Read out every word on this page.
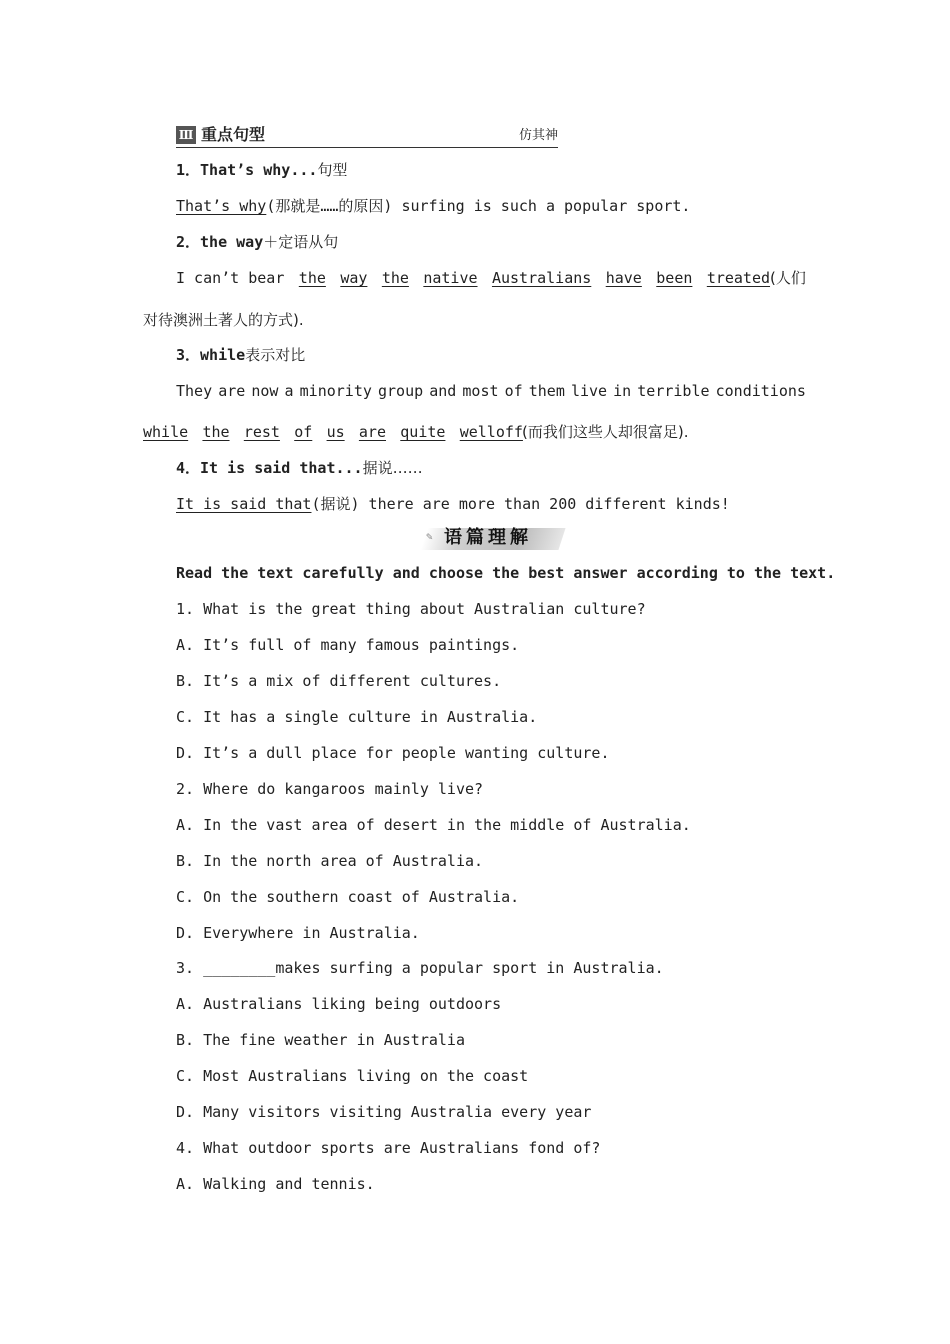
Ⅲ 重点句型	仿其神
1．That’s why...句型
That’s why(那就是……的原因) surfing is such a popular sport.
2．the way＋定语从句
I can’t bear the way the native Australians have been treated(人们
对待澳洲土著人的方式).
3．while表示对比
They are now a minority group and most of them live in terrible conditions
while the rest of us are quite welloff (而我们这些人却很富足).
4．It is said that...据说……
It is said that(据说) there are more than 200 different kinds!
✎ 语篇理解
Read the text carefully and choose the best answer according to the text.
1. What is the great thing about Australian culture?
A. It’s full of many famous paintings.
B. It’s a mix of different cultures.
C. It has a single culture in Australia.
D. It’s a dull place for people wanting culture.
2. Where do kangaroos mainly live?
A. In the vast area of desert in the middle of Australia.
B. In the north area of Australia.
C. On the southern coast of Australia.
D. Everywhere in Australia.
3. ________makes surfing a popular sport in Australia.
A. Australians liking being outdoors
B. The fine weather in Australia
C. Most Australians living on the coast
D. Many visitors visiting Australia every year
4. What outdoor sports are Australians fond of?
A. Walking and tennis.
